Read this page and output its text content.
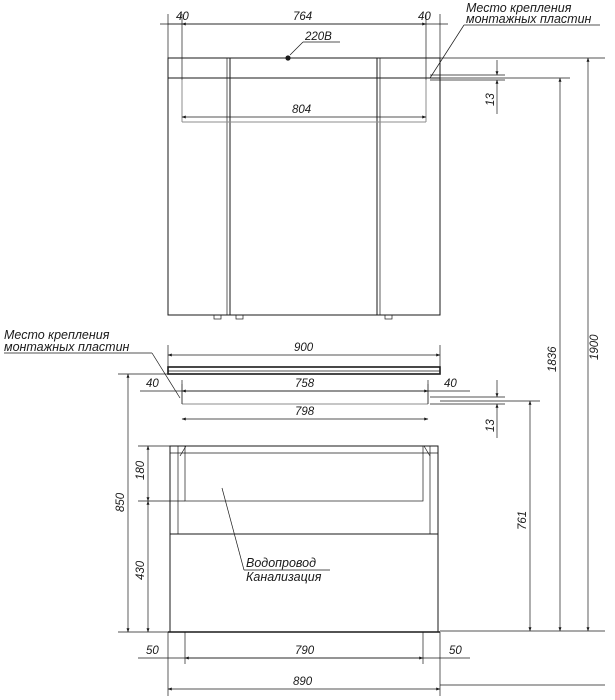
40	764	40
804
220В
13
Место крепления
монтажных пластин
1900
1836
761
900
40	758	40
798
13
Место крепления
монтажных пластин
850
180
430	Водопровод
Канализация
50	790	50
890
